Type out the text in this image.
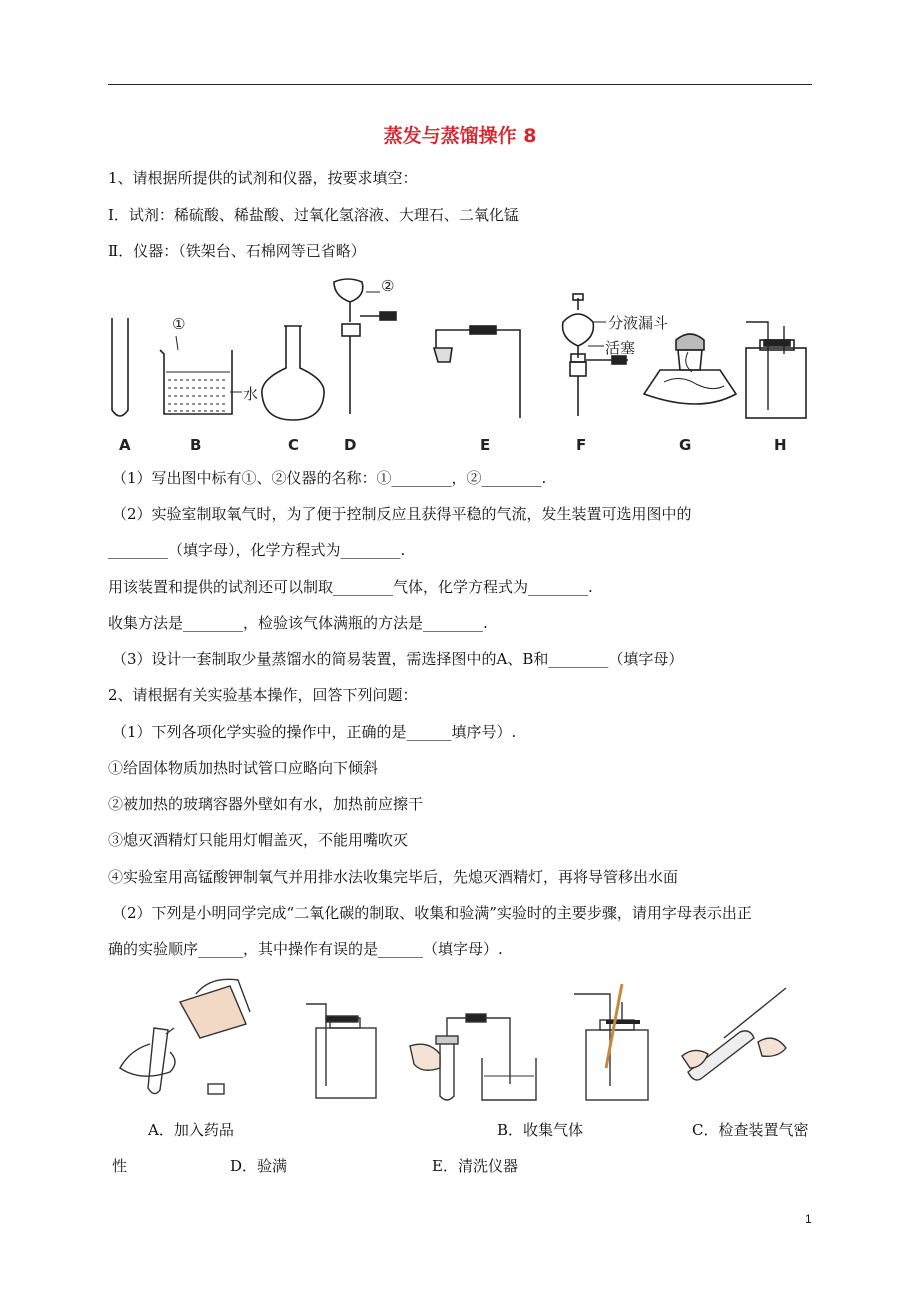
蒸发与蒸馏操作 8
1、请根据所提供的试剂和仪器，按要求填空：
Ⅰ．试剂：稀硫酸、稀盐酸、过氧化氢溶液、大理石、二氧化锰
Ⅱ．仪器：（铁架台、石棉网等已省略）
①
②
水
分液漏斗
活塞
A	B	C	D	E	F	G	H
（1）写出图中标有①、②仪器的名称：①________，②________.
（2）实验室制取氧气时，为了便于控制反应且获得平稳的气流，发生装置可选用图中的
________（填字母），化学方程式为________.
用该装置和提供的试剂还可以制取________气体，化学方程式为________.
收集方法是________，检验该气体满瓶的方法是________.
（3）设计一套制取少量蒸馏水的简易装置，需选择图中的A、B和________（填字母）
2、请根据有关实验基本操作，回答下列问题：
（1）下列各项化学实验的操作中，正确的是______填序号）.
①给固体物质加热时试管口应略向下倾斜
②被加热的玻璃容器外壁如有水，加热前应擦干
③熄灭酒精灯只能用灯帽盖灭，不能用嘴吹灭
④实验室用高锰酸钾制氧气并用排水法收集完毕后，先熄灭酒精灯，再将导管移出水面
（2）下列是小明同学完成“二氧化碳的制取、收集和验满”实验时的主要步骤，请用字母表示出正
确的实验顺序______，其中操作有误的是______（填字母）.
A．加入药品	B．收集气体	C．检查装置气密
性	D．验满	E．清洗仪器
1
